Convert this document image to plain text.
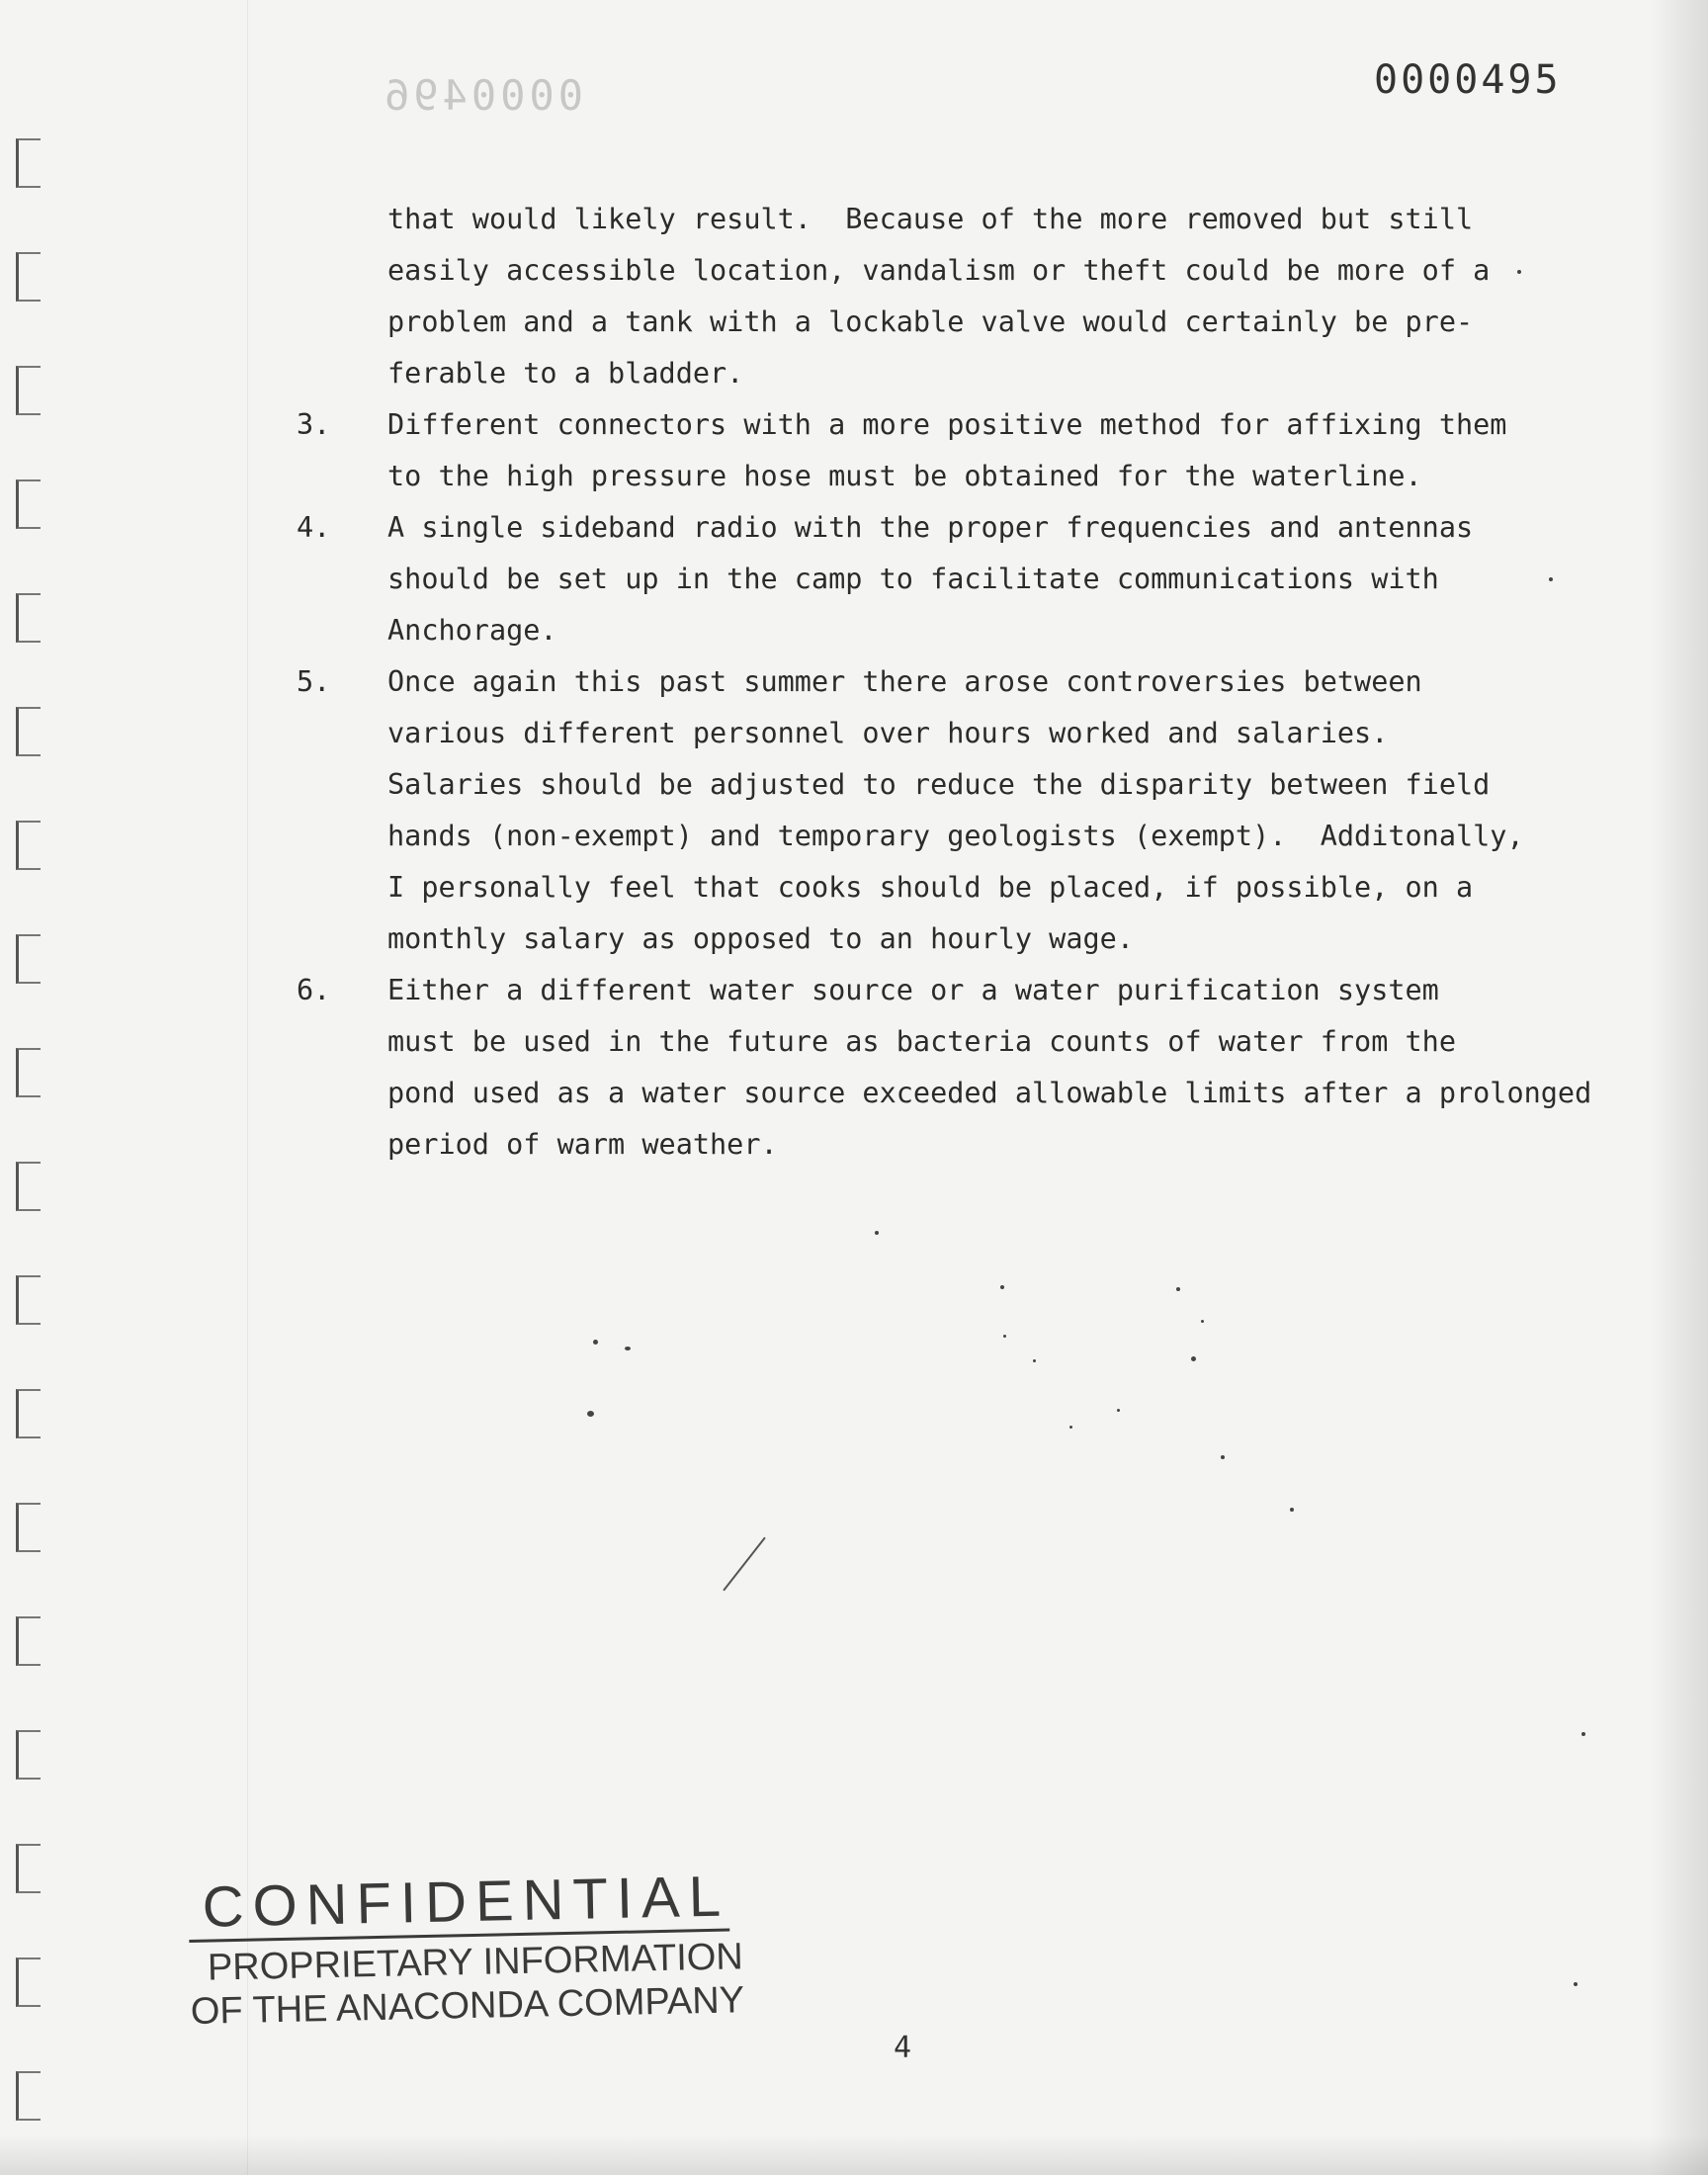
0000496	0000495
that would likely result.  Because of the more removed but still
easily accessible location, vandalism or theft could be more of a
problem and a tank with a lockable valve would certainly be pre-
ferable to a bladder.
3. Different connectors with a more positive method for affixing them
to the high pressure hose must be obtained for the waterline.
4. A single sideband radio with the proper frequencies and antennas
should be set up in the camp to facilitate communications with
Anchorage.
5. Once again this past summer there arose controversies between
various different personnel over hours worked and salaries.
Salaries should be adjusted to reduce the disparity between field
hands (non-exempt) and temporary geologists (exempt).  Additonally,
I personally feel that cooks should be placed, if possible, on a
monthly salary as opposed to an hourly wage.
6. Either a different water source or a water purification system
must be used in the future as bacteria counts of water from the
pond used as a water source exceeded allowable limits after a prolonged
period of warm weather.
CONFIDENTIAL
PROPRIETARY INFORMATION
OF THE ANACONDA COMPANY
4
